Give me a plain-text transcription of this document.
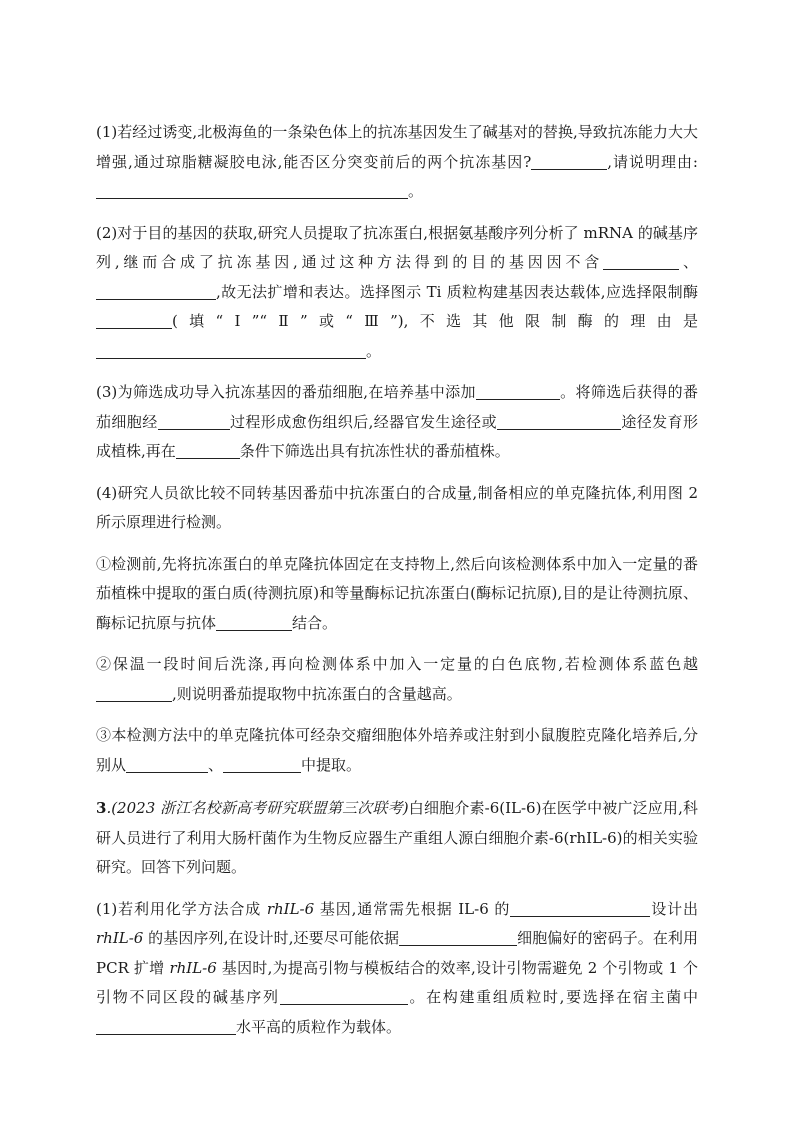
(1)若经过诱变,北极海鱼的一条染色体上的抗冻基因发生了碱基对的替换,导致抗冻能力大大增强,通过琼脂糖凝胶电泳,能否区分突变前后的两个抗冻基因?	,请说明理由:。

(2)对于目的基因的获取,研究人员提取了抗冻蛋白,根据氨基酸序列分析了 mRNA 的碱基序列,继而合成了抗冻基因,通过这种方法得到的目的基因因不含	、,故无法扩增和表达。选择图示 Ti 质粒构建基因表达载体,应选择限制酶(填“Ⅰ”“Ⅱ”或“Ⅲ”),不选其他限制酶的理由是。

(3)为筛选成功导入抗冻基因的番茄细胞,在培养基中添加	。将筛选后获得的番茄细胞经	过程形成愈伤组织后,经器官发生途径或	途径发育形成植株,再在	条件下筛选出具有抗冻性状的番茄植株。

(4)研究人员欲比较不同转基因番茄中抗冻蛋白的合成量,制备相应的单克隆抗体,利用图 2 所示原理进行检测。

①检测前,先将抗冻蛋白的单克隆抗体固定在支持物上,然后向该检测体系中加入一定量的番茄植株中提取的蛋白质(待测抗原)和等量酶标记抗冻蛋白(酶标记抗原),目的是让待测抗原、酶标记抗原与抗体	结合。

②保温一段时间后洗涤,再向检测体系中加入一定量的白色底物,若检测体系蓝色越,则说明番茄提取物中抗冻蛋白的含量越高。

③本检测方法中的单克隆抗体可经杂交瘤细胞体外培养或注射到小鼠腹腔克隆化培养后,分别从	、	中提取。

3.(2023 浙江名校新高考研究联盟第三次联考)白细胞介素-6(IL-6)在医学中被广泛应用,科研人员进行了利用大肠杆菌作为生物反应器生产重组人源白细胞介素-6(rhIL-6)的相关实验研究。回答下列问题。

(1)若利用化学方法合成 rhIL-6 基因,通常需先根据 IL-6 的	设计出rhIL-6 的基因序列,在设计时,还要尽可能依据	细胞偏好的密码子。在利用 PCR 扩增 rhIL-6 基因时,为提高引物与模板结合的效率,设计引物需避免 2 个引物或 1 个引物不同区段的碱基序列	。在构建重组质粒时,要选择在宿主菌中水平高的质粒作为载体。
